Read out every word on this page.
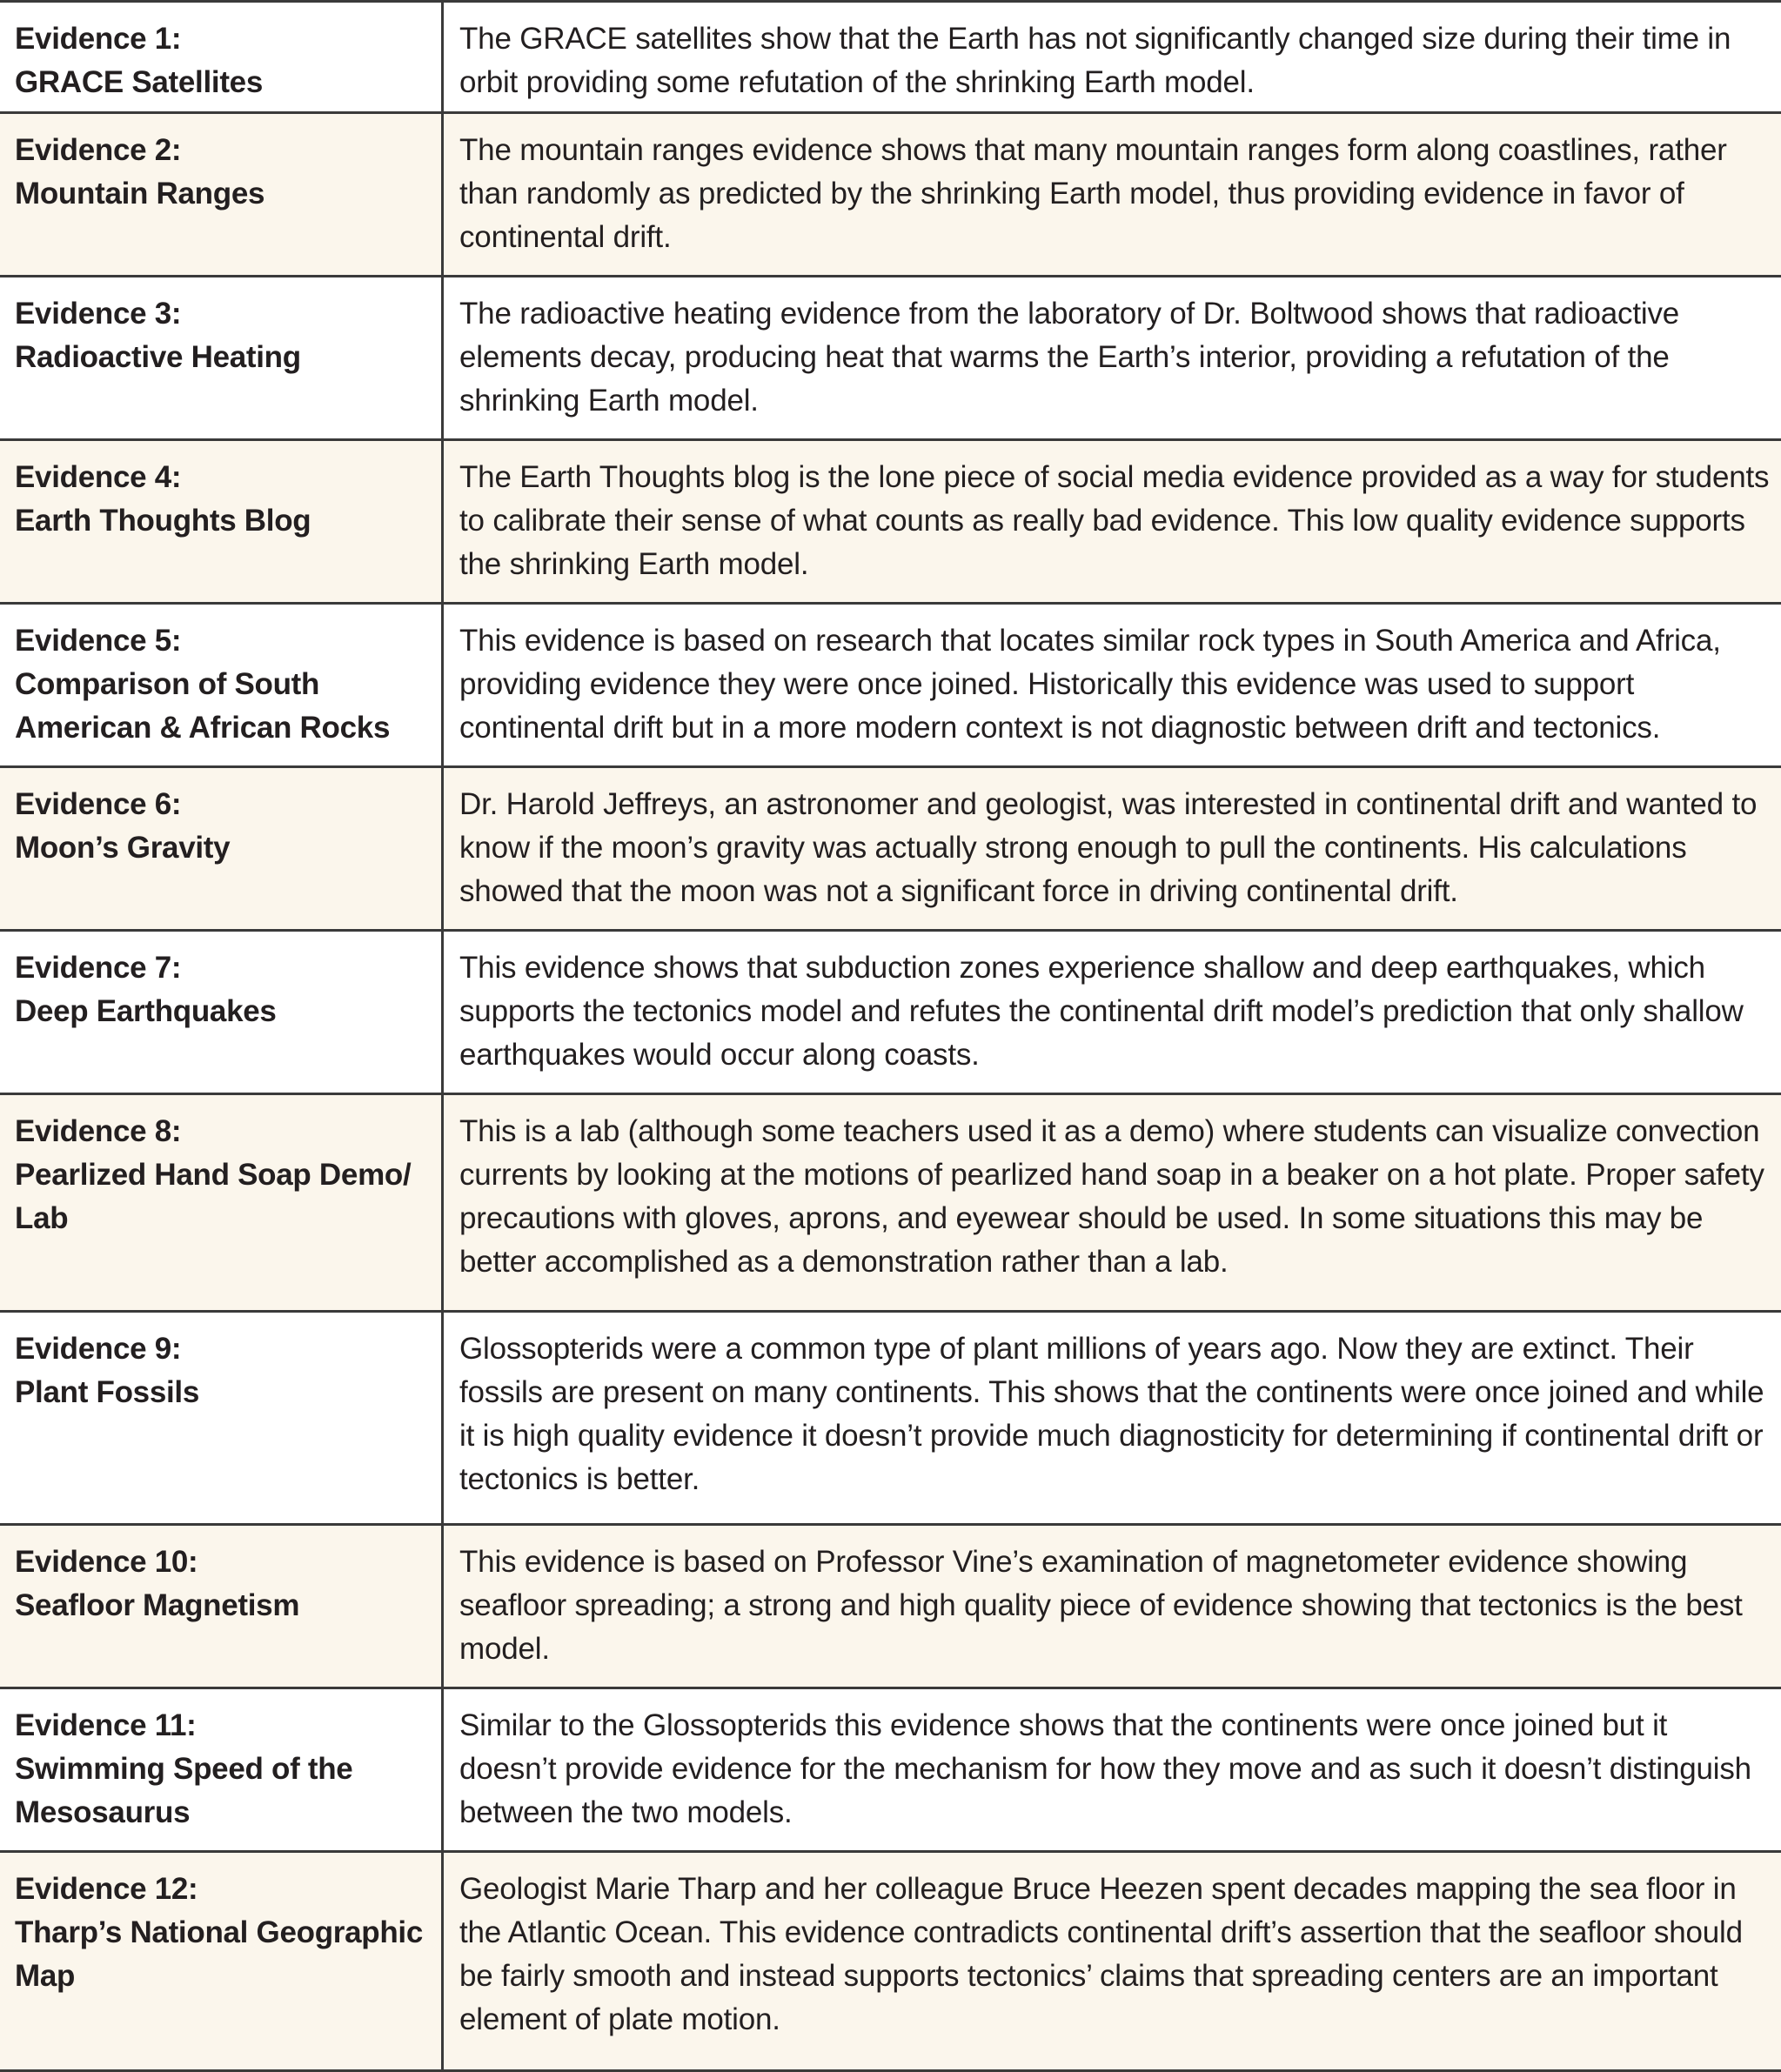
Evidence 1:
GRACE Satellites
The GRACE satellites show that the Earth has not significantly changed size during their time in orbit providing some refutation of the shrinking Earth model.
Evidence 2:
Mountain Ranges
The mountain ranges evidence shows that many mountain ranges form along coastlines, rather than randomly as predicted by the shrinking Earth model, thus providing evidence in favor of continental drift.
Evidence 3:
Radioactive Heating
The radioactive heating evidence from the laboratory of Dr. Boltwood shows that radioactive elements decay, producing heat that warms the Earth’s interior, providing a refutation of the shrinking Earth model.
Evidence 4:
Earth Thoughts Blog
The Earth Thoughts blog is the lone piece of social media evidence provided as a way for students to calibrate their sense of what counts as really bad evidence. This low quality evidence supports the shrinking Earth model.
Evidence 5:
Comparison of South American & African Rocks
This evidence is based on research that locates similar rock types in South America and Africa, providing evidence they were once joined. Historically this evidence was used to support continental drift but in a more modern context is not diagnostic between drift and tectonics.
Evidence 6:
Moon’s Gravity
Dr. Harold Jeffreys, an astronomer and geologist, was interested in continental drift and wanted to know if the moon’s gravity was actually strong enough to pull the continents. His calculations showed that the moon was not a significant force in driving continental drift.
Evidence 7:
Deep Earthquakes
This evidence shows that subduction zones experience shallow and deep earthquakes, which supports the tectonics model and refutes the continental drift model’s prediction that only shallow earthquakes would occur along coasts.
Evidence 8:
Pearlized Hand Soap Demo/ Lab
This is a lab (although some teachers used it as a demo) where students can visualize convection currents by looking at the motions of pearlized hand soap in a beaker on a hot plate. Proper safety precautions with gloves, aprons, and eyewear should be used. In some situations this may be better accomplished as a demonstration rather than a lab.
Evidence 9:
Plant Fossils
Glossopterids were a common type of plant millions of years ago. Now they are extinct. Their fossils are present on many continents. This shows that the continents were once joined and while it is high quality evidence it doesn’t provide much diagnosticity for determining if continental drift or tectonics is better.
Evidence 10:
Seafloor Magnetism
This evidence is based on Professor Vine’s examination of magnetometer evidence showing seafloor spreading; a strong and high quality piece of evidence showing that tectonics is the best model.
Evidence 11:
Swimming Speed of the Mesosaurus
Similar to the Glossopterids this evidence shows that the continents were once joined but it doesn’t provide evidence for the mechanism for how they move and as such it doesn’t distinguish between the two models.
Evidence 12:
Tharp’s National Geographic Map
Geologist Marie Tharp and her colleague Bruce Heezen spent decades mapping the sea floor in the Atlantic Ocean. This evidence contradicts continental drift’s assertion that the seafloor should be fairly smooth and instead supports tectonics’ claims that spreading centers are an important element of plate motion.
